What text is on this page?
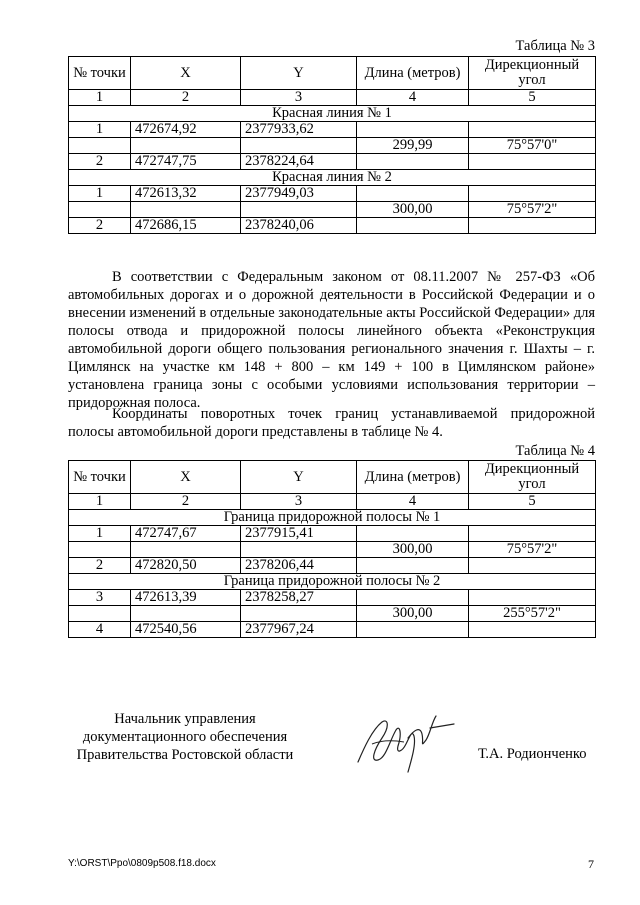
Таблица № 3
№ точки	X	Y	Длина (метров)	Дирекционный угол
1	2	3	4	5
Красная линия № 1				
1	472674,92	2377933,62		
			299,99	75°57'0"
2	472747,75	2378224,64		
Красная линия № 2				
1	472613,32	2377949,03		
			300,00	75°57'2"
2	472686,15	2378240,06		
В соответствии с Федеральным законом от 08.11.2007 № 257-ФЗ «Об автомобильных дорогах и о дорожной деятельности в Российской Федерации и о внесении изменений в отдельные законодательные акты Российской Федерации» для полосы отвода и придорожной полосы линейного объекта «Реконструкция автомобильной дороги общего пользования регионального значения г. Шахты – г. Цимлянск на участке км 148 + 800 – км 149 + 100 в Цимлянском районе» установлена граница зоны с особыми условиями использования территории – придорожная полоса.
Координаты поворотных точек границ устанавливаемой придорожной полосы автомобильной дороги представлены в таблице № 4.
Таблица № 4
№ точки	X	Y	Длина (метров)	Дирекционный угол
1	2	3	4	5
Граница придорожной полосы № 1				
1	472747,67	2377915,41		
			300,00	75°57'2"
2	472820,50	2378206,44		
Граница придорожной полосы № 2				
3	472613,39	2378258,27		
			300,00	255°57'2"
4	472540,56	2377967,24		
Начальник управления
документационного обеспечения
Правительства Ростовской области	Т.А. Родионченко
Y:\ORST\Ppo\0809p508.f18.docx	7
